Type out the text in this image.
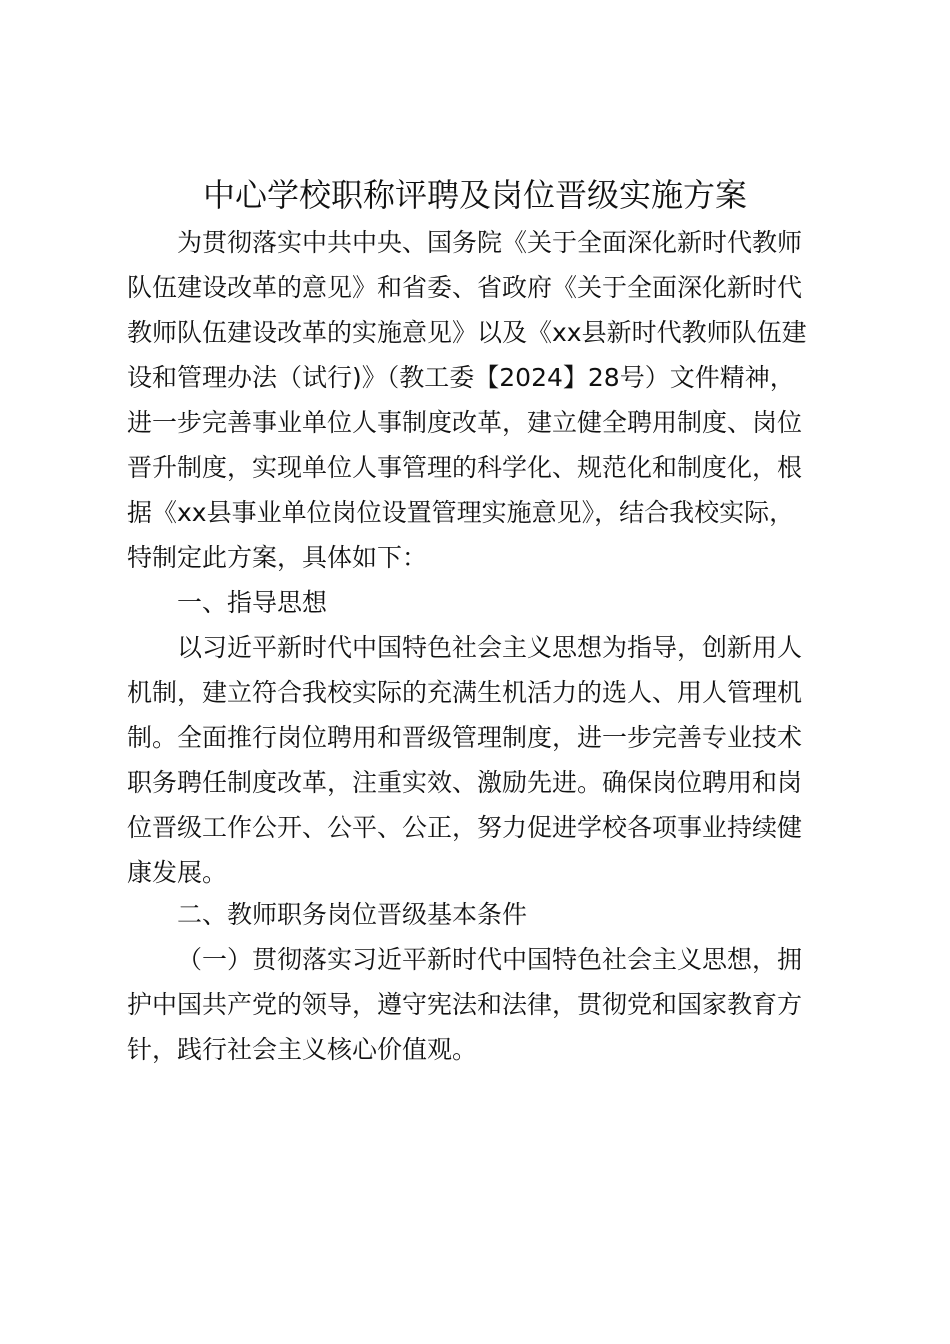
中心学校职称评聘及岗位晋级实施方案
为贯彻落实中共中央、国务院《关于全面深化新时代教师
队伍建设改革的意见》和省委、省政府《关于全面深化新时代
教师队伍建设改革的实施意见》以及《xx县新时代教师队伍建
设和管理办法（试行)》（教工委【2024】28号）文件精神，
进一步完善事业单位人事制度改革，建立健全聘用制度、岗位
晋升制度，实现单位人事管理的科学化、规范化和制度化，根
据《xx县事业单位岗位设置管理实施意见》，结合我校实际，
特制定此方案，具体如下：
一、指导思想
以习近平新时代中国特色社会主义思想为指导，创新用人
机制，建立符合我校实际的充满生机活力的选人、用人管理机
制。全面推行岗位聘用和晋级管理制度，进一步完善专业技术
职务聘任制度改革，注重实效、激励先进。确保岗位聘用和岗
位晋级工作公开、公平、公正，努力促进学校各项事业持续健
康发展。
二、教师职务岗位晋级基本条件
（一）贯彻落实习近平新时代中国特色社会主义思想，拥
护中国共产党的领导，遵守宪法和法律，贯彻党和国家教育方
针，践行社会主义核心价值观。
